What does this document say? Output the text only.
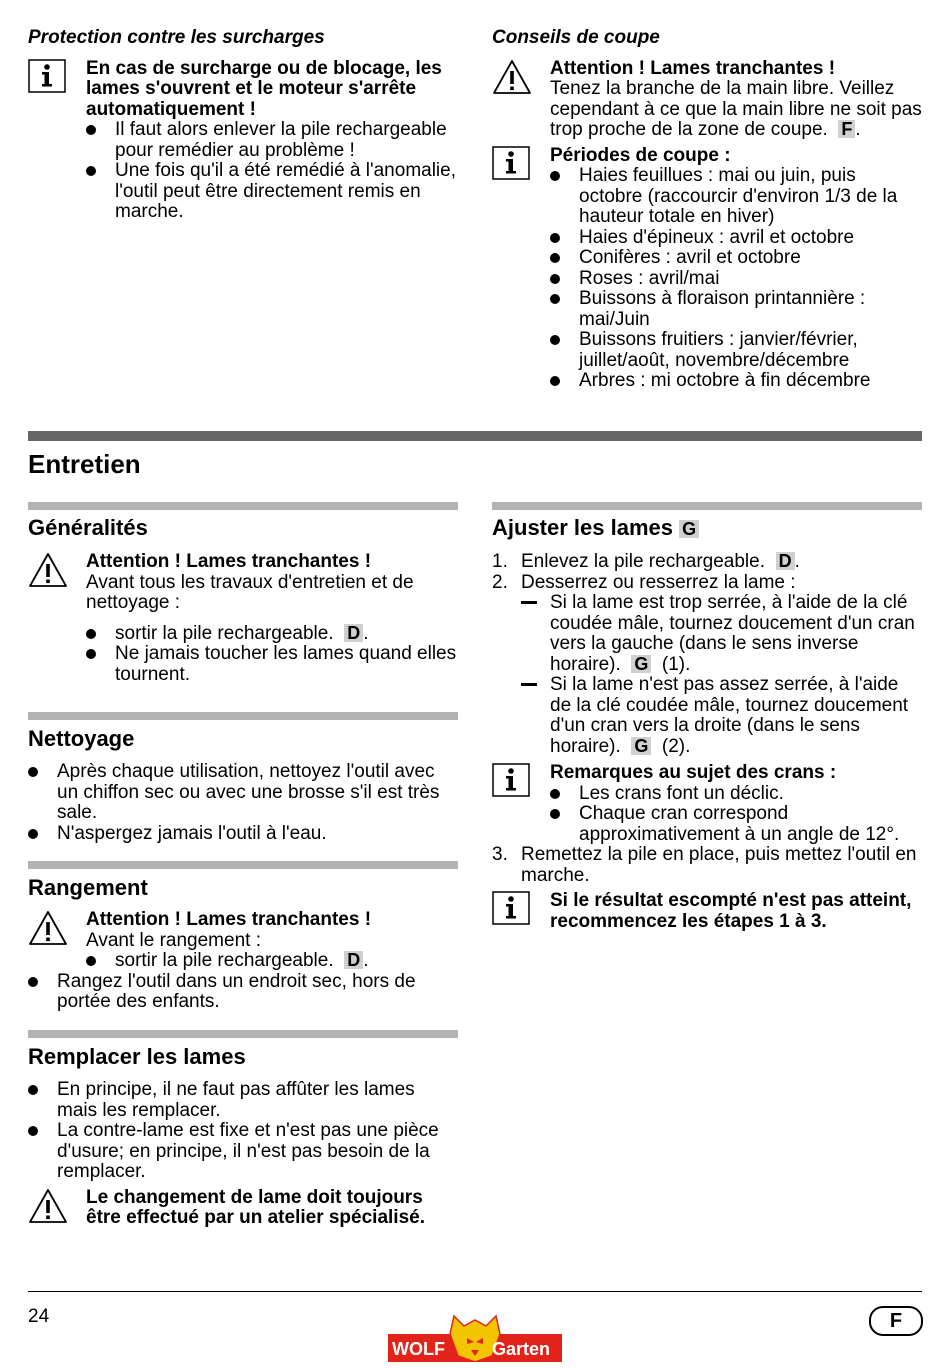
Protection contre les surcharges
En cas de surcharge ou de blocage, les lames s'ouvrent et le moteur s'arrête automatiquement !
Il faut alors enlever la pile rechargeable pour remédier au problème !
Une fois qu'il a été remédié à l'anomalie, l'outil peut être directement remis en marche.
Conseils de coupe
Attention ! Lames tranchantes !
Tenez la branche de la main libre. Veillez cependant à ce que la main libre ne soit pas trop proche de la zone de coupe. F .
Périodes de coupe :
Haies feuillues : mai ou juin, puis octobre (raccourcir d'environ 1/3 de la hauteur totale en hiver)
Haies d'épineux : avril et octobre
Conifères : avril et octobre
Roses : avril/mai
Buissons à floraison printannière : mai/Juin
Buissons fruitiers : janvier/février, juillet/août, novembre/décembre
Arbres : mi octobre à fin décembre
Entretien
Généralités
Attention ! Lames tranchantes !
Avant tous les travaux d'entretien et de nettoyage :
sortir la pile rechargeable. D .
Ne jamais toucher les lames quand elles tournent.
Nettoyage
Après chaque utilisation, nettoyez l'outil avec un chiffon sec ou avec une brosse s'il est très sale.
N'aspergez jamais l'outil à l'eau.
Rangement
Attention ! Lames tranchantes !
Avant le rangement :
sortir la pile rechargeable. D .
Rangez l'outil dans un endroit sec, hors de portée des enfants.
Remplacer les lames
En principe, il ne faut pas affûter les lames mais les remplacer.
La contre-lame est fixe et n'est pas une pièce d'usure; en principe, il n'est pas besoin de la remplacer.
Le changement de lame doit toujours être effectué par un atelier spécialisé.
Ajuster les lames G
1. Enlevez la pile rechargeable. D .
2. Desserrez ou resserrez la lame :
Si la lame est trop serrée, à l'aide de la clé coudée mâle, tournez doucement d'un cran vers la gauche (dans le sens inverse horaire). G (1).
Si la lame n'est pas assez serrée, à l'aide de la clé coudée mâle, tournez doucement d'un cran vers la droite (dans le sens horaire). G (2).
Remarques au sujet des crans :
Les crans font un déclic.
Chaque cran correspond approximativement à un angle de 12°.
3. Remettez la pile en place, puis mettez l'outil en marche.
Si le résultat escompté n'est pas atteint, recommencez les étapes 1 à 3.
24	F
WOLF	Garten
